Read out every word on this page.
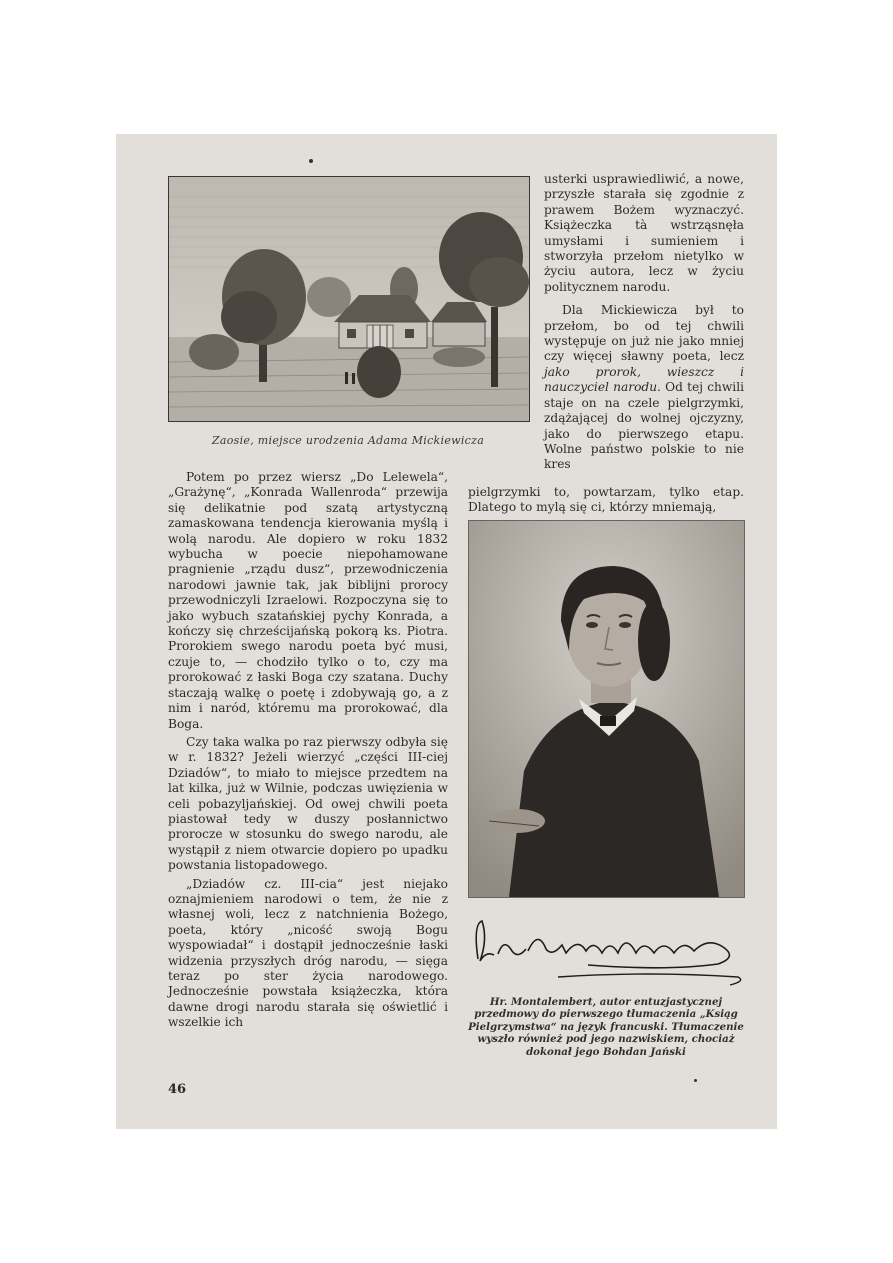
Zaosie, miejsce urodzenia Adama Mickiewicza

usterki usprawiedliwić, a nowe, przyszłe starała się zgodnie z prawem Bożem wyznaczyć. Książeczka tà wstrząsnęła umysłami i sumieniem i stworzyła przełom nietylko w życiu autora, lecz w życiu politycznem narodu.

Dla Mickiewicza był to przełom, bo od tej chwili występuje on już nie jako mniej czy więcej sławny poeta, lecz jako prorok, wieszcz i nauczyciel narodu. Od tej chwili staje on na czele pielgrzymki, zdążającej do wolnej ojczyzny, jako do pierwszego etapu. Wolne państwo polskie to nie kres

pielgrzymki to, powtarzam, tylko etap. Dlatego to mylą się ci, którzy mniemają,

Potem po przez wiersz „Do Lelewela“, „Grażynę“, „Konrada Wallenroda“ przewija się delikatnie pod szatą artystyczną zamaskowana tendencja kierowania myślą i wolą narodu. Ale dopiero w roku 1832 wybucha w poecie niepohamowane pragnienie „rządu dusz“, przewodniczenia narodowi jawnie tak, jak biblijni prorocy przewodniczyli Izraelowi. Rozpoczyna się to jako wybuch szatańskiej pychy Konrada, a kończy się chrześcijańską pokorą ks. Piotra. Prorokiem swego narodu poeta być musi, czuje to, — chodziło tylko o to, czy ma prorokować z łaski Boga czy szatana. Duchy staczają walkę o poetę i zdobywają go, a z nim i naród, któremu ma prorokować, dla Boga.

Czy taka walka po raz pierwszy odbyła się w r. 1832? Jeżeli wierzyć „części III-ciej Dziadów“, to miało to miejsce przedtem na lat kilka, już w Wilnie, podczas uwięzienia w celi pobazyljańskiej. Od owej chwili poeta piastował tedy w duszy posłannictwo prorocze w stosunku do swego narodu, ale wystąpił z niem otwarcie dopiero po upadku powstania listopadowego.

„Dziadów cz. III-cia“ jest niejako oznajmieniem narodowi o tem, że nie z własnej woli, lecz z natchnienia Bożego, poeta, który „nicość swoją Bogu wyspowiadał“ i dostąpił jednocześnie łaski widzenia przyszłych dróg narodu, — sięga teraz po ster życia narodowego. Jednocześnie powstała książeczka, która dawne drogi narodu starała się oświetlić i wszelkie ich

Hr. Montalembert, autor entuzjastycznej przedmowy do pierwszego tłumaczenia „Ksiąg Pielgrzymstwa“ na język francuski. Tłumaczenie wyszło również pod jego nazwiskiem, chociaż dokonał jego Bohdan Jański
46
